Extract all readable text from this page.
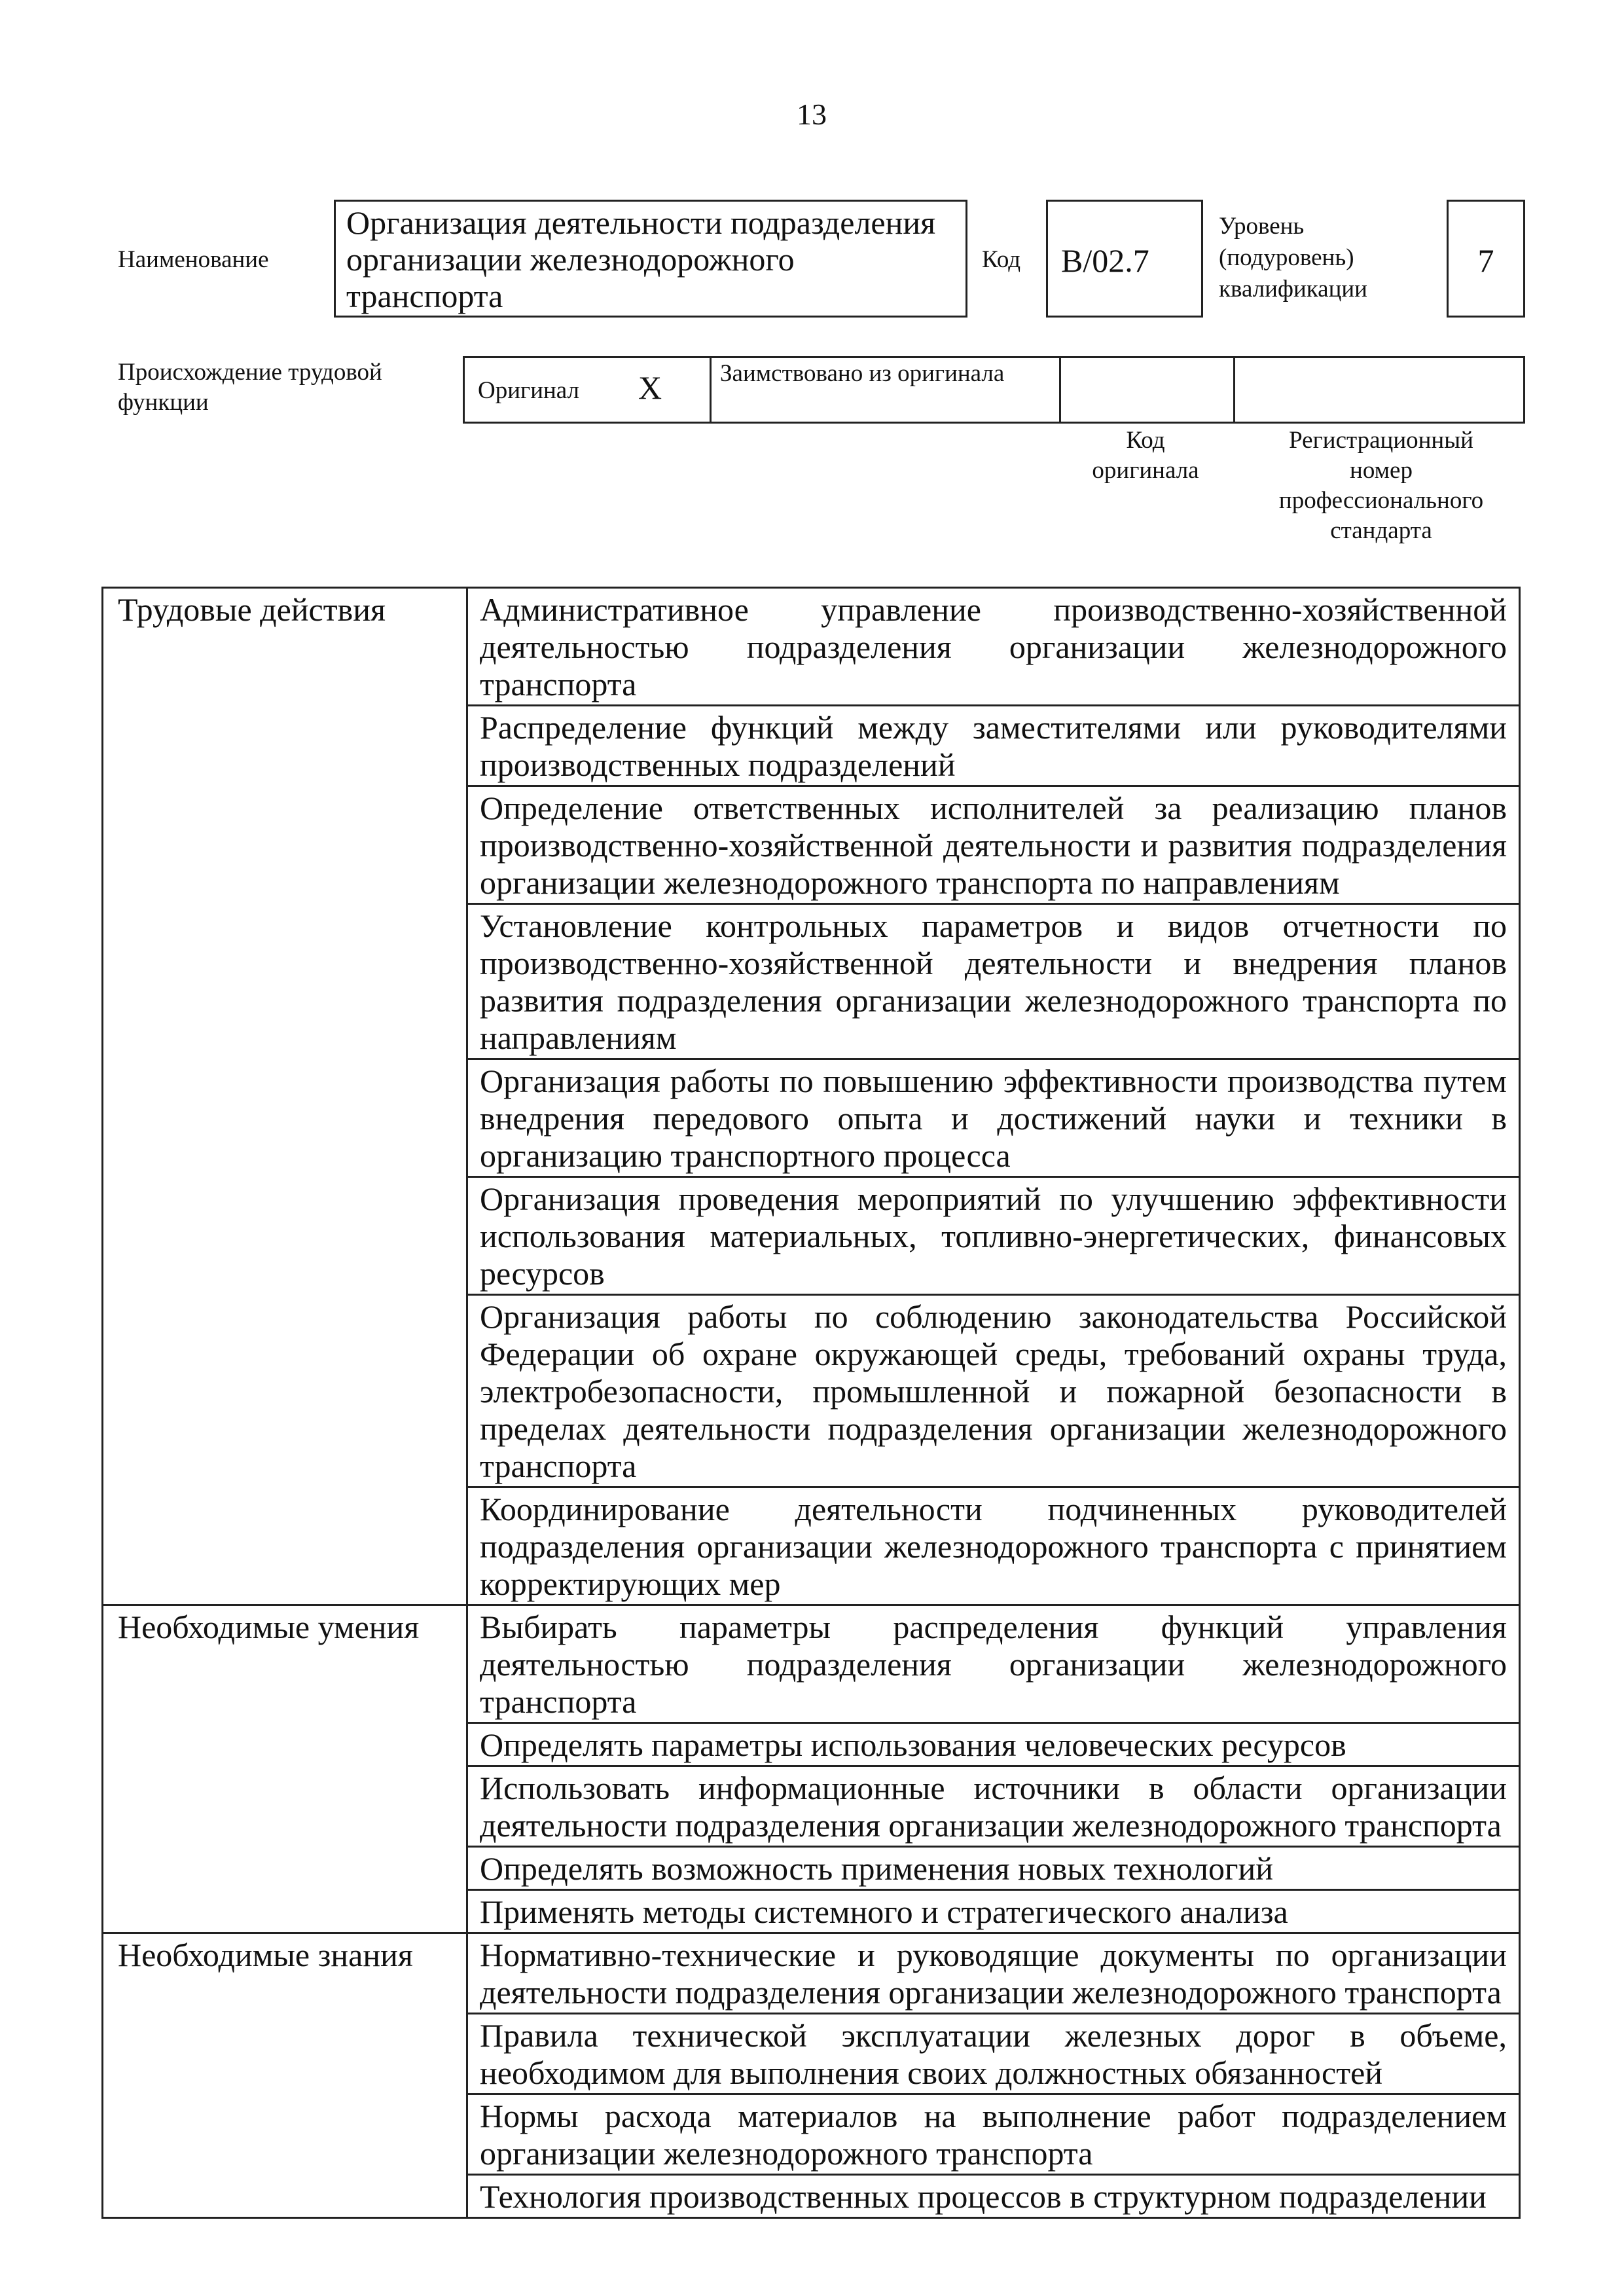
13
Наименование
Организация деятельности подразделения организации железнодорожного транспорта
Код B/02.7
Уровень (подуровень) квалификации
7
Происхождение трудовой функции	Оригинал X Заимствовано из оригинала
Код оригинала
Регистрационный номер профессионального стандарта
Трудовые действия	Административное управление производственно-хозяйственной деятельностью подразделения организации железнодорожного транспорта
	Распределение функций между заместителями или руководителями производственных подразделений
	Определение ответственных исполнителей за реализацию планов производственно-хозяйственной деятельности и развития подразделения организации железнодорожного транспорта по направлениям
	Установление контрольных параметров и видов отчетности по производственно-хозяйственной деятельности и внедрения планов развития подразделения организации железнодорожного транспорта по направлениям
	Организация работы по повышению эффективности производства путем внедрения передового опыта и достижений науки и техники в организацию транспортного процесса
	Организация проведения мероприятий по улучшению эффективности использования материальных, топливно-энергетических, финансовых ресурсов
	Организация работы по соблюдению законодательства Российской Федерации об охране окружающей среды, требований охраны труда, электробезопасности, промышленной и пожарной безопасности в пределах деятельности подразделения организации железнодорожного транспорта
	Координирование деятельности подчиненных руководителей подразделения организации железнодорожного транспорта с принятием корректирующих мер
Необходимые умения	Выбирать параметры распределения функций управления деятельностью подразделения организации железнодорожного транспорта
	Определять параметры использования человеческих ресурсов
	Использовать информационные источники в области организации деятельности подразделения организации железнодорожного транспорта
	Определять возможность применения новых технологий
	Применять методы системного и стратегического анализа
Необходимые знания	Нормативно-технические и руководящие документы по организации деятельности подразделения организации железнодорожного транспорта
	Правила технической эксплуатации железных дорог в объеме, необходимом для выполнения своих должностных обязанностей
	Нормы расхода материалов на выполнение работ подразделением организации железнодорожного транспорта
	Технология производственных процессов в структурном подразделении
